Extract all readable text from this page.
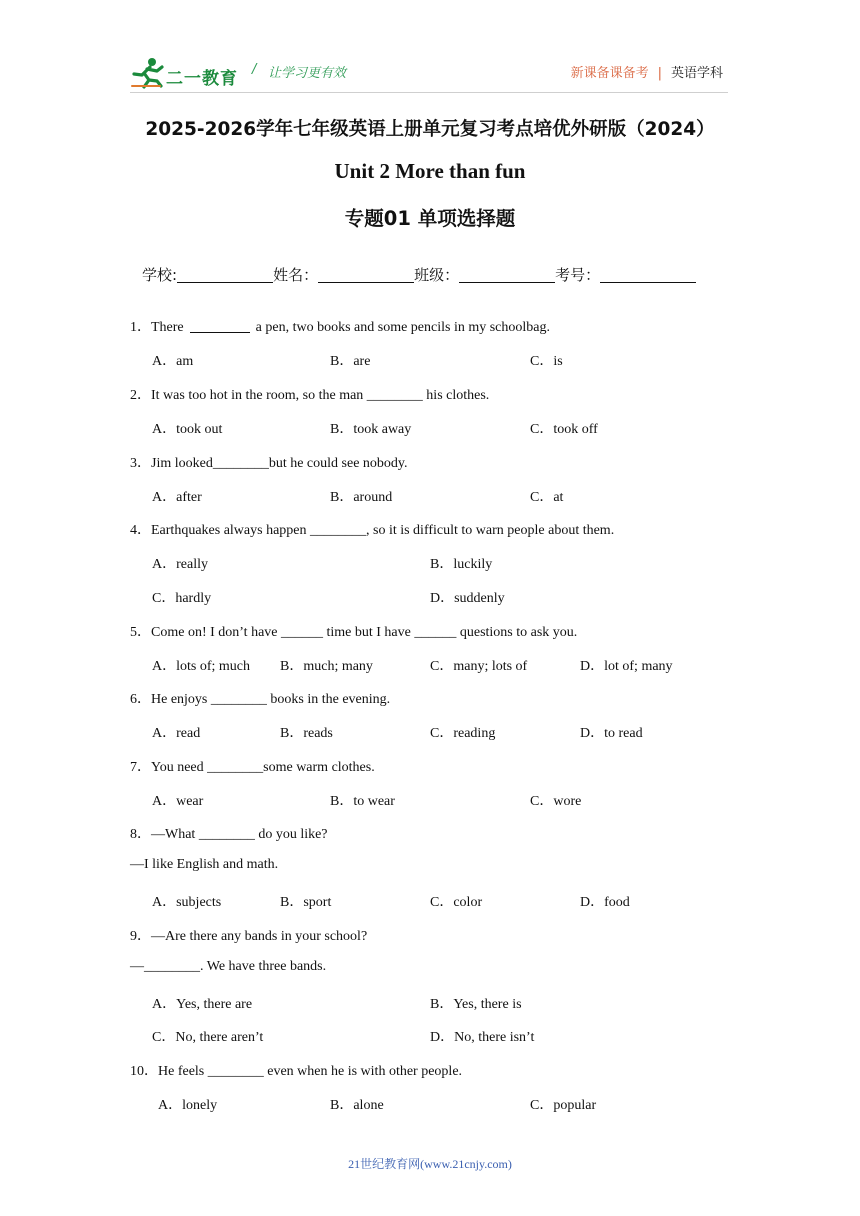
二一教育 / 让学习更有效	新课备课备考 | 英语学科
2025-2026学年七年级英语上册单元复习考点培优外研版（2024）
Unit 2 More than fun
专题01 单项选择题
学校:	姓名：	班级：	考号：
1．There	a pen, two books and some pencils in my schoolbag.
A．am	B．are	C．is
2．It was too hot in the room, so the man ________ his clothes.
A．took out	B．took away	C．took off
3．Jim looked________but he could see nobody.
A．after	B．around	C．at
4．Earthquakes always happen ________, so it is difficult to warn people about them.
A．really	B．luckily
C．hardly	D．suddenly
5．Come on! I don’t have ______ time but I have ______ questions to ask you.
A．lots of; much B．much; many	C．many; lots of	D．lot of; many
6．He enjoys ________ books in the evening.
A．read	B．reads	C．reading	D．to read
7．You need ________some warm clothes.
A．wear	B．to wear	C．wore
8．—What ________ do you like?
—I like English and math.
A．subjects	B．sport	C．color	D．food
9．—Are there any bands in your school?
—________. We have three bands.
A．Yes, there are	B．Yes, there is
C．No, there aren’t	D．No, there isn’t
10．He feels ________ even when he is with other people.
A．lonely	B．alone	C．popular
21世纪教育网(www.21cnjy.com)
